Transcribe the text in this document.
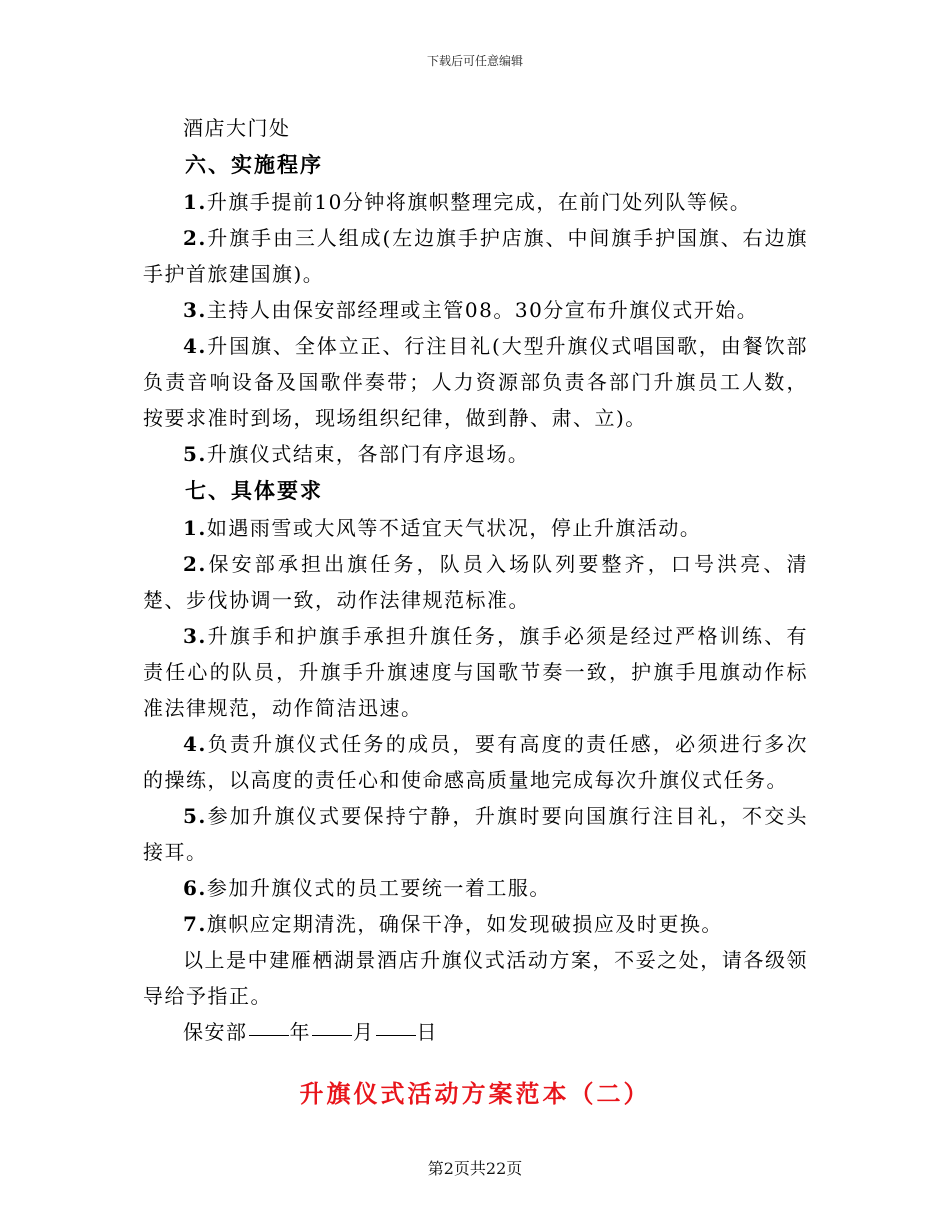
下载后可任意编辑

酒店大门处

六、实施程序

1.升旗手提前10分钟将旗帜整理完成，在前门处列队等候。

2.升旗手由三人组成(左边旗手护店旗、中间旗手护国旗、右边旗手护首旅建国旗)。

3.主持人由保安部经理或主管08。30分宣布升旗仪式开始。

4.升国旗、全体立正、行注目礼(大型升旗仪式唱国歌，由餐饮部负责音响设备及国歌伴奏带；人力资源部负责各部门升旗员工人数，按要求准时到场，现场组织纪律，做到静、肃、立)。

5.升旗仪式结束，各部门有序退场。

七、具体要求

1.如遇雨雪或大风等不适宜天气状况，停止升旗活动。

2.保安部承担出旗任务，队员入场队列要整齐，口号洪亮、清楚、步伐协调一致，动作法律规范标准。

3.升旗手和护旗手承担升旗任务，旗手必须是经过严格训练、有责任心的队员，升旗手升旗速度与国歌节奏一致，护旗手甩旗动作标准法律规范，动作简洁迅速。

4.负责升旗仪式任务的成员，要有高度的责任感，必须进行多次的操练，以高度的责任心和使命感高质量地完成每次升旗仪式任务。

5.参加升旗仪式要保持宁静，升旗时要向国旗行注目礼，不交头接耳。

6.参加升旗仪式的员工要统一着工服。

7.旗帜应定期清洗，确保干净，如发现破损应及时更换。

以上是中建雁栖湖景酒店升旗仪式活动方案，不妥之处，请各级领导给予指正。

保安部 年 月 日

升旗仪式活动方案范本（二）
第2页共22页
